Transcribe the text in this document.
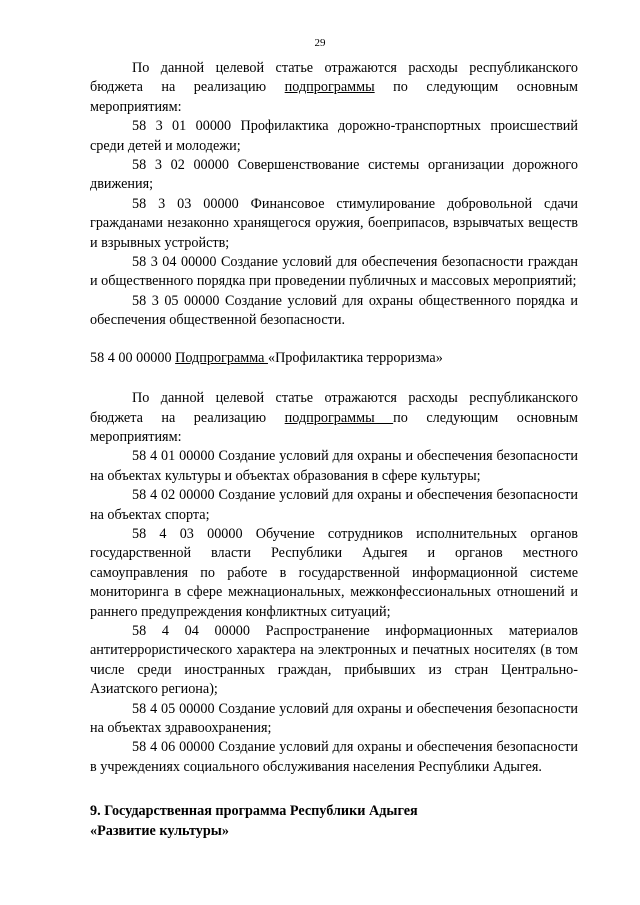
29

По данной целевой статье отражаются расходы республиканского бюджета на реализацию подпрограммы по следующим основным мероприятиям:

58 3 01 00000 Профилактика дорожно-транспортных происшествий среди детей и молодежи;

58 3 02 00000 Совершенствование системы организации дорожного движения;

58 3 03 00000 Финансовое стимулирование добровольной сдачи гражданами незаконно хранящегося оружия, боеприпасов, взрывчатых веществ и взрывных устройств;

58 3 04 00000 Создание условий для обеспечения безопасности граждан и общественного порядка при проведении публичных и массовых мероприятий;

58 3 05 00000 Создание условий для охраны общественного порядка и обеспечения общественной безопасности.

58 4 00 00000 Подпрограмма «Профилактика терроризма»

По данной целевой статье отражаются расходы республиканского бюджета на реализацию подпрограммы по следующим основным мероприятиям:

58 4 01 00000 Создание условий для охраны и обеспечения безопасности на объектах культуры и объектах образования в сфере культуры;

58 4 02 00000 Создание условий для охраны и обеспечения безопасности на объектах спорта;

58 4 03 00000 Обучение сотрудников исполнительных органов государственной власти Республики Адыгея и органов местного самоуправления по работе в государственной информационной системе мониторинга в сфере межнациональных, межконфессиональных отношений и раннего предупреждения конфликтных ситуаций;

58 4 04 00000 Распространение информационных материалов антитеррористического характера на электронных и печатных носителях (в том числе среди иностранных граждан, прибывших из стран Центрально-Азиатского региона);

58 4 05 00000 Создание условий для охраны и обеспечения безопасности на объектах здравоохранения;

58 4 06 00000 Создание условий для охраны и обеспечения безопасности в учреждениях социального обслуживания населения Республики Адыгея.

9. Государственная программа Республики Адыгея
«Развитие культуры»
